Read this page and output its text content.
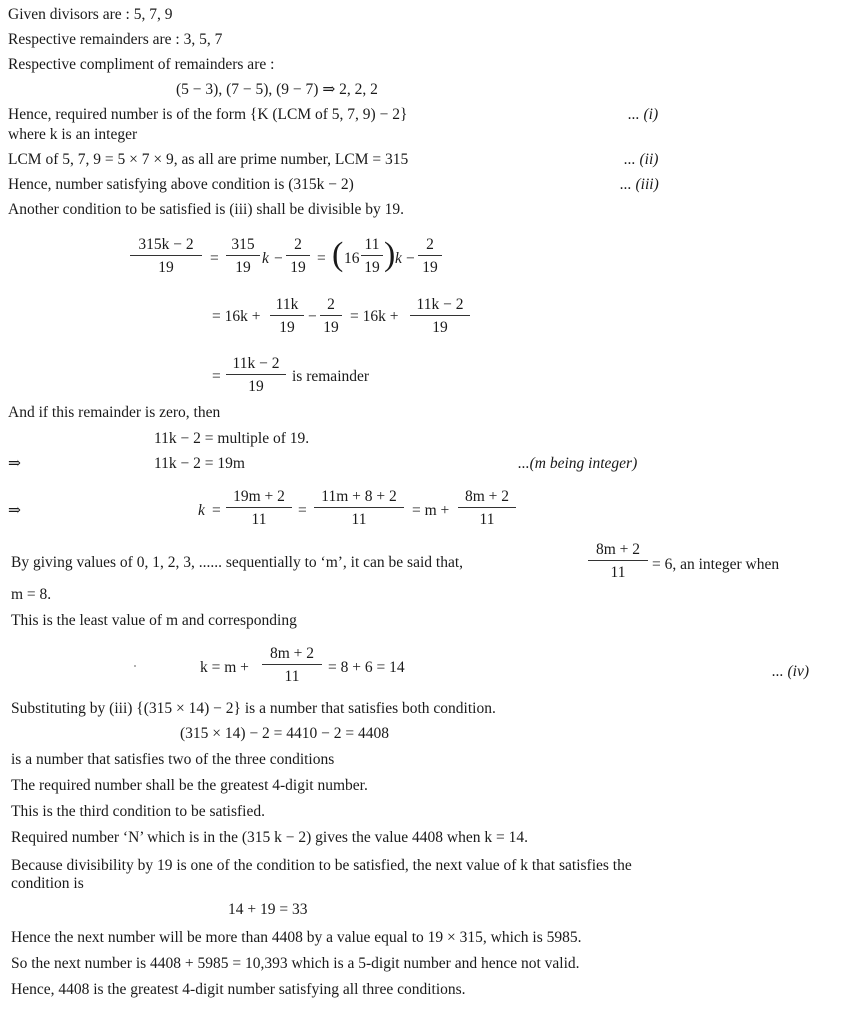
Given divisors are : 5, 7, 9
Respective remainders are : 3, 5, 7
Respective compliment of remainders are :
(5 − 3), (7 − 5), (9 − 7) ⇒ 2, 2, 2
Hence, required number is of the form {K (LCM of 5, 7, 9) − 2}	... (i)
where k is an integer
LCM of 5, 7, 9 = 5 × 7 × 9, as all are prime number, LCM = 315	... (ii)
Hence, number satisfying above condition is (315k − 2)	... (iii)
Another condition to be satisfied is (iii) shall be divisible by 19.
$\frac{315k - 2}{19} = \frac{315}{19}$ $k - \frac{2}{19}$ = ( $16 \frac{11}{19}$ ) $k - \frac{2}{19}$
= $16k + \frac{11k}{19} - \frac{2}{19} = 16k + \frac{11k - 2}{19}$
= $\frac{11k - 2}{19}$ is remainder
And if this remainder is zero, then
11k − 2 = multiple of 19.
⇒	11k − 2 = 19m	...(m being integer)
⇒	$k = \frac{19m + 2}{11} = \frac{11m + 8 + 2}{11} = m + \frac{8m + 2}{11}$
By giving values of 0, 1, 2, 3, ...... sequentially to ‘m’, it can be said that,	$\frac{8m + 2}{11} = 6$, an integer when
m = 8.
This is the least value of m and corresponding
$k = m + \frac{8m + 2}{11} = 8 + 6 = 14$	... (iv)
Substituting by (iii) {(315 × 14) − 2} is a number that satisfies both condition.
(315 × 14) − 2 = 4410 − 2 = 4408
is a number that satisfies two of the three conditions
The required number shall be the greatest 4-digit number.
This is the third condition to be satisfied.
Required number ‘N’ which is in the (315 k − 2) gives the value 4408 when k = 14.
Because divisibility by 19 is one of the condition to be satisfied, the next value of k that satisfies the
condition is
14 + 19 = 33
Hence the next number will be more than 4408 by a value equal to 19 × 315, which is 5985.
So the next number is 4408 + 5985 = 10,393 which is a 5-digit number and hence not valid.
Hence, 4408 is the greatest 4-digit number satisfying all three conditions.
